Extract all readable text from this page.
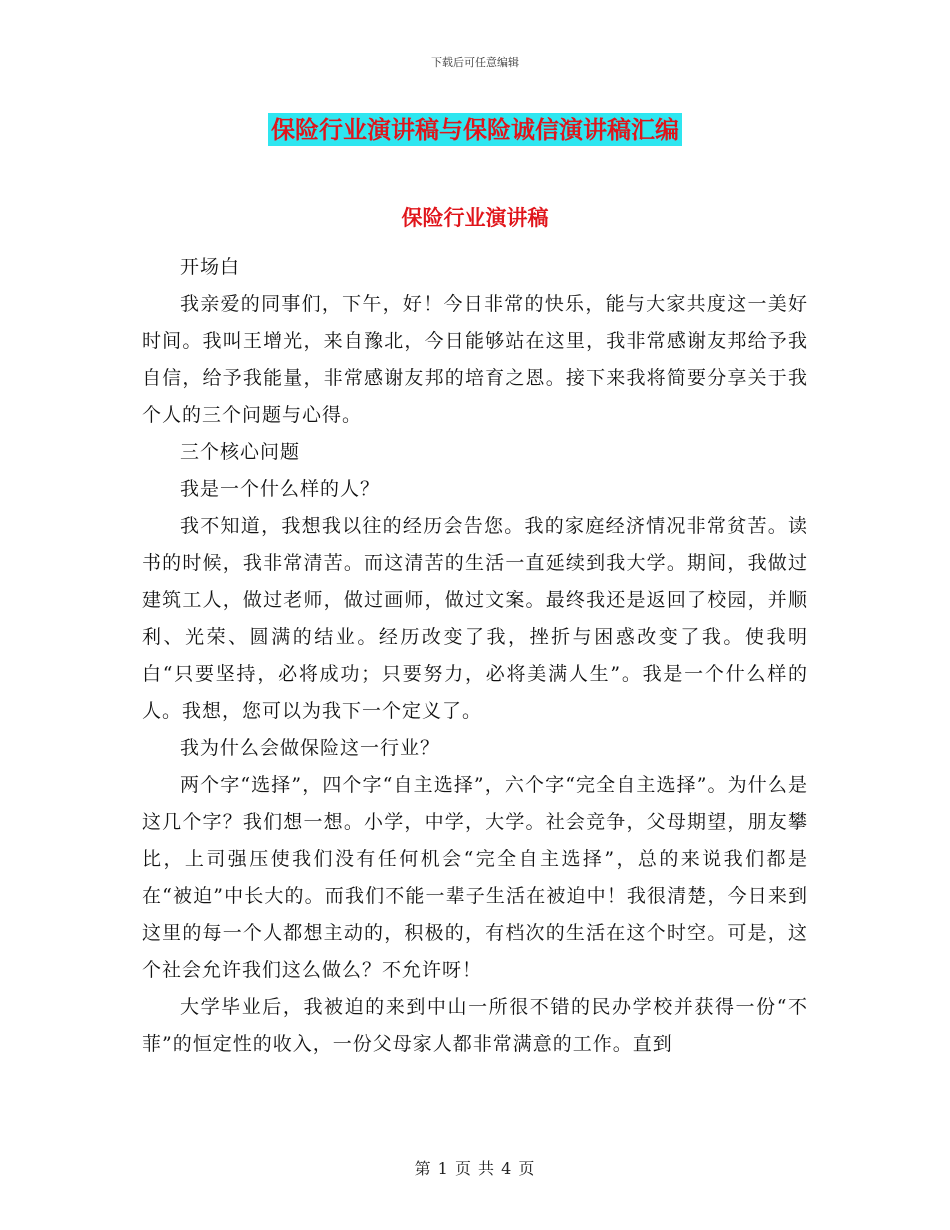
下载后可任意编辑
保险行业演讲稿与保险诚信演讲稿汇编
保险行业演讲稿

开场白

我亲爱的同事们，下午，好！今日非常的快乐，能与大家共度这一美好时间。我叫王增光，来自豫北，今日能够站在这里，我非常感谢友邦给予我自信，给予我能量，非常感谢友邦的培育之恩。接下来我将简要分享关于我个人的三个问题与心得。

三个核心问题

我是一个什么样的人？

我不知道，我想我以往的经历会告您。我的家庭经济情况非常贫苦。读书的时候，我非常清苦。而这清苦的生活一直延续到我大学。期间，我做过建筑工人，做过老师，做过画师，做过文案。最终我还是返回了校园，并顺利、光荣、圆满的结业。经历改变了我，挫折与困惑改变了我。使我明白“只要坚持，必将成功；只要努力，必将美满人生”。我是一个什么样的人。我想，您可以为我下一个定义了。

我为什么会做保险这一行业？

两个字“选择”，四个字“自主选择”，六个字“完全自主选择”。为什么是这几个字？我们想一想。小学，中学，大学。社会竞争，父母期望，朋友攀比，上司强压使我们没有任何机会“完全自主选择”，总的来说我们都是在“被迫”中长大的。而我们不能一辈子生活在被迫中！我很清楚，今日来到这里的每一个人都想主动的，积极的，有档次的生活在这个时空。可是，这个社会允许我们这么做么？不允许呀！

大学毕业后，我被迫的来到中山一所很不错的民办学校并获得一份“不菲”的恒定性的收入，一份父母家人都非常满意的工作。直到

第 1 页 共 4 页
